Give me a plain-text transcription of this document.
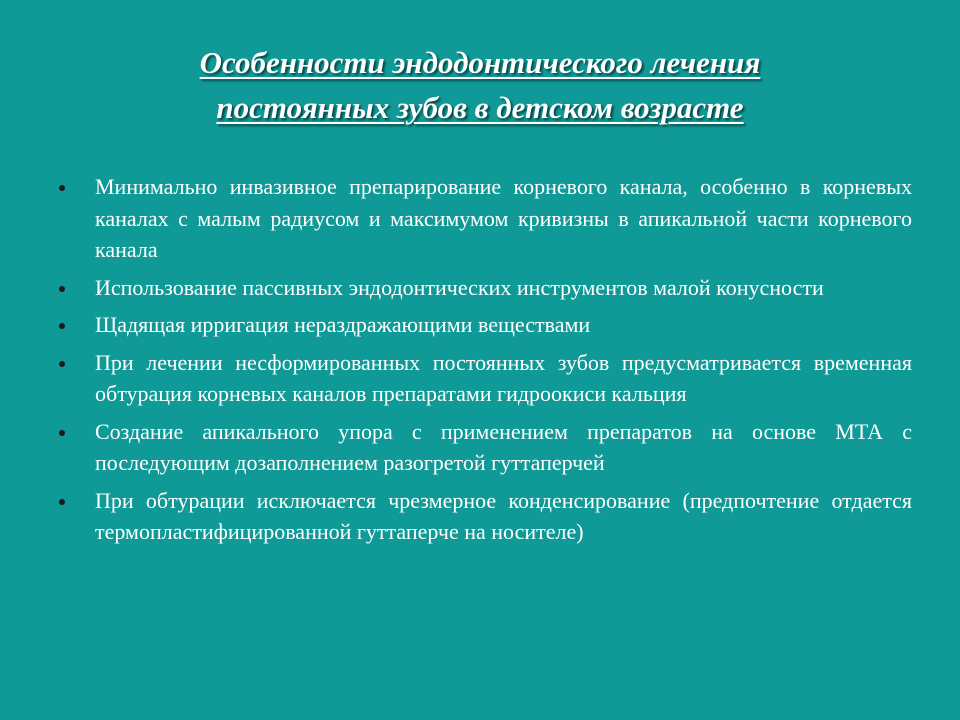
Особенности эндодонтического лечения
постоянных зубов в детском возрасте
Минимально инвазивное препарирование корневого канала, особенно в корневых каналах с малым радиусом и максимумом кривизны в апикальной части корневого канала
Использование пассивных эндодонтических инструментов малой конусности
Щадящая ирригация нераздражающими веществами
При лечении несформированных постоянных зубов предусматривается временная обтурация корневых каналов препаратами гидроокиси кальция
Создание апикального упора с применением препаратов на основе МТА с последующим дозаполнением разогретой гуттаперчей
При обтурации исключается чрезмерное конденсирование (предпочтение отдается термопластифицированной гуттаперче на носителе)
